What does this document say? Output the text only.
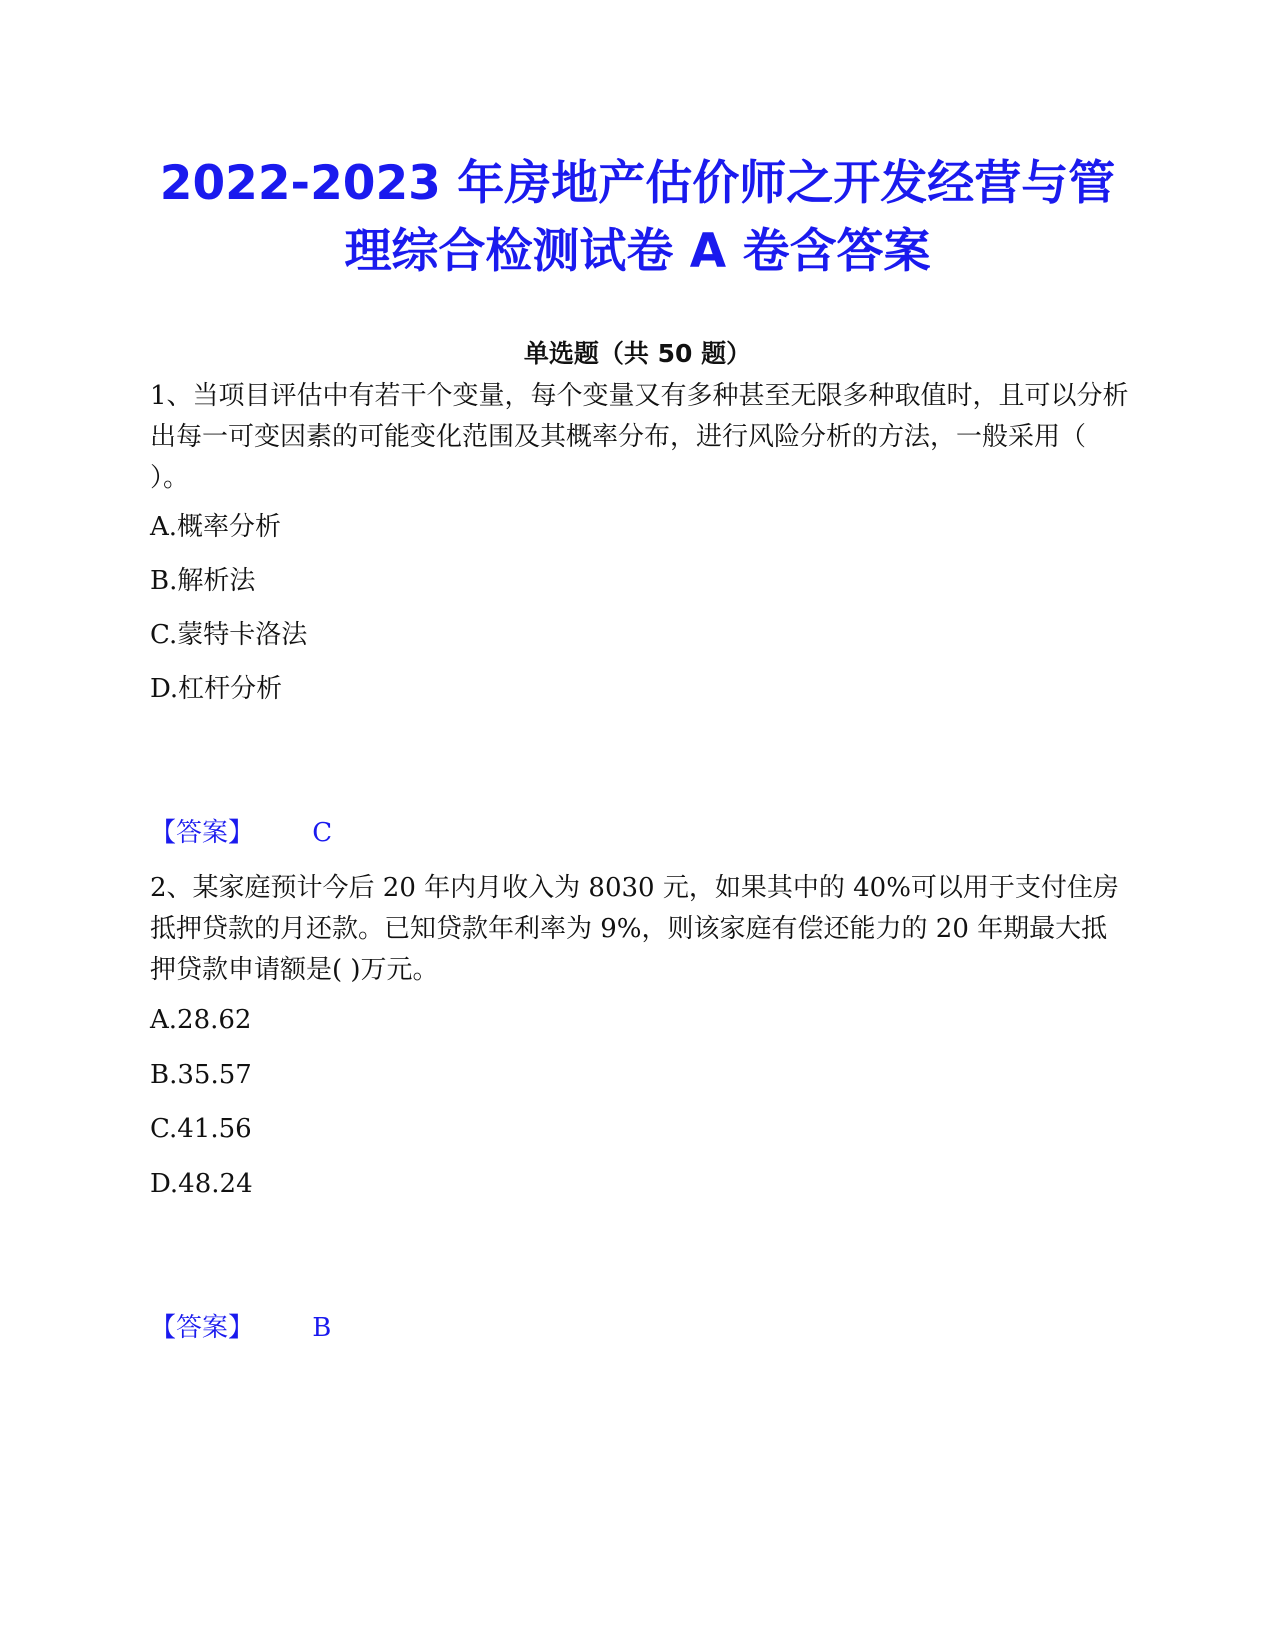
2022-2023 年房地产估价师之开发经营与管
理综合检测试卷 A 卷含答案
单选题（共 50 题）

1、当项目评估中有若干个变量，每个变量又有多种甚至无限多种取值时，且可以分析出每一可变因素的可能变化范围及其概率分布，进行风险分析的方法，一般采用（ ）。

A.概率分析
B.解析法
C.蒙特卡洛法
D.杠杆分析
【答案】 C

2、某家庭预计今后 20 年内月收入为 8030 元，如果其中的 40%可以用于支付住房抵押贷款的月还款。已知贷款年利率为 9%，则该家庭有偿还能力的 20 年期最大抵押贷款申请额是( )万元。

A.28.62
B.35.57
C.41.56
D.48.24
【答案】 B
